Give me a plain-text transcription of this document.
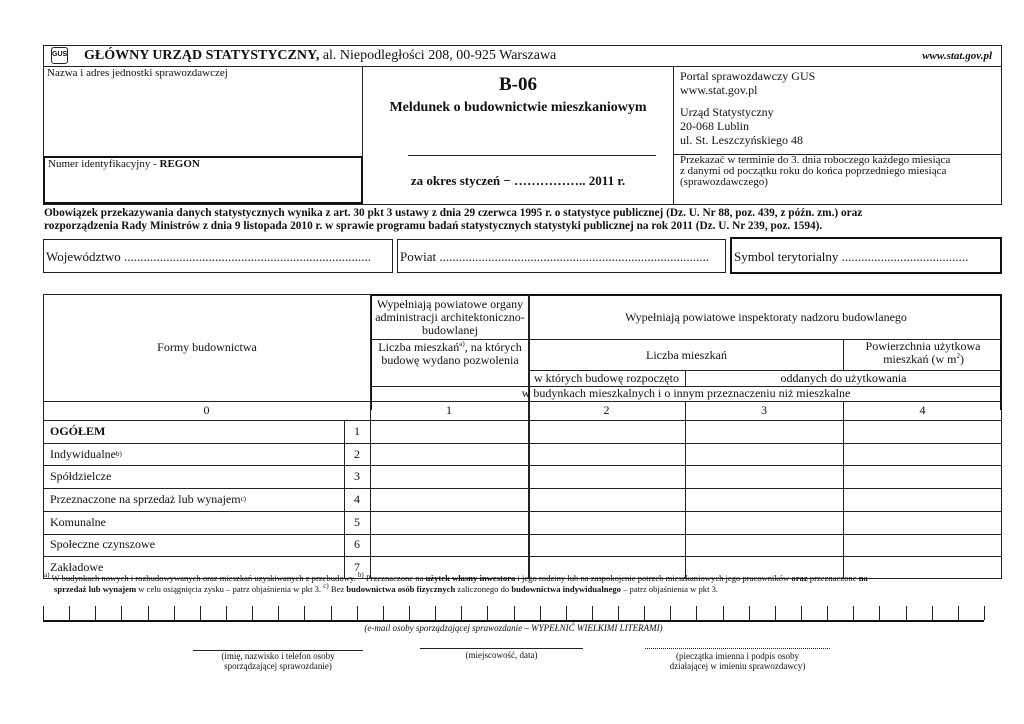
GUS GŁÓWNY URZĄD STATYSTYCZNY, al. Niepodległości 208, 00-925 Warszawa	www.stat.gov.pl
Nazwa i adres jednostki sprawozdawczej
Numer identyfikacyjny - REGON
B-06
Meldunek o budownictwie mieszkaniowym
za okres styczeń − …………….. 2011 r.
Portal sprawozdawczy GUS
www.stat.gov.pl
Urząd Statystyczny
20-068 Lublin
ul. St. Leszczyńskiego 48
Przekazać w terminie do 3. dnia roboczego każdego miesiąca
z danymi od początku roku do końca poprzedniego miesiąca
(sprawozdawczego)
Obowiązek przekazywania danych statystycznych wynika z art. 30 pkt 3 ustawy z dnia 29 czerwca 1995 r. o statystyce publicznej (Dz. U. Nr 88, poz. 439, z późn. zm.) oraz
rozporządzenia Rady Ministrów z dnia 9 listopada 2010 r. w sprawie programu badań statystycznych statystyki publicznej na rok 2011 (Dz. U. Nr 239, poz. 1594).
Województwo ............................................................................ Powiat ................................................................................... Symbol terytorialny .......................................
Formy budownictwa
Wypełniają powiatowe organy administracji architektoniczno-budowlanej
Wypełniają powiatowe inspektoraty nadzoru budowlanego
Liczba mieszkań$^{a)}$, na których budowę wydano pozwolenia	Liczba mieszkań
Powierzchnia użytkowa
mieszkań (w $m^2$)
w których budowę rozpoczęto	oddanych do użytkowania
w budynkach mieszkalnych i o innym przeznaczeniu niż mieszkalne
0	1	2	3	4
OGÓŁEM	1
Indywidualne b)	2
Spółdzielcze	3
Przeznaczone na sprzedaż lub wynajem c)	4
Komunalne	5
Społeczne czynszowe	6
Zakładowe	7
$^{a)}$ W budynkach nowych i rozbudowywanych oraz mieszkań uzyskiwanych z przebudowy. $^{b)}$ Przeznaczone na użytek własny inwestora i jego rodziny lub na zaspokojenie potrzeb mieszkaniowych jego pracowników oraz przeznaczone na
sprzedaż lub wynajem w celu osiągnięcia zysku – patrz objaśnienia w pkt 3. $^{c)}$ Bez budownictwa osób fizycznych zaliczonego do budownictwa indywidualnego – patrz objaśnienia w pkt 3.
(e-mail osoby sporządzającej sprawozdanie – WYPEŁNIĆ WIELKIMI LITERAMI)
(imię, nazwisko i telefon osoby
sporządzającej sprawozdanie)
(miejscowość, data)	(pieczątka imienna i podpis osoby
działającej w imieniu sprawozdawcy)
